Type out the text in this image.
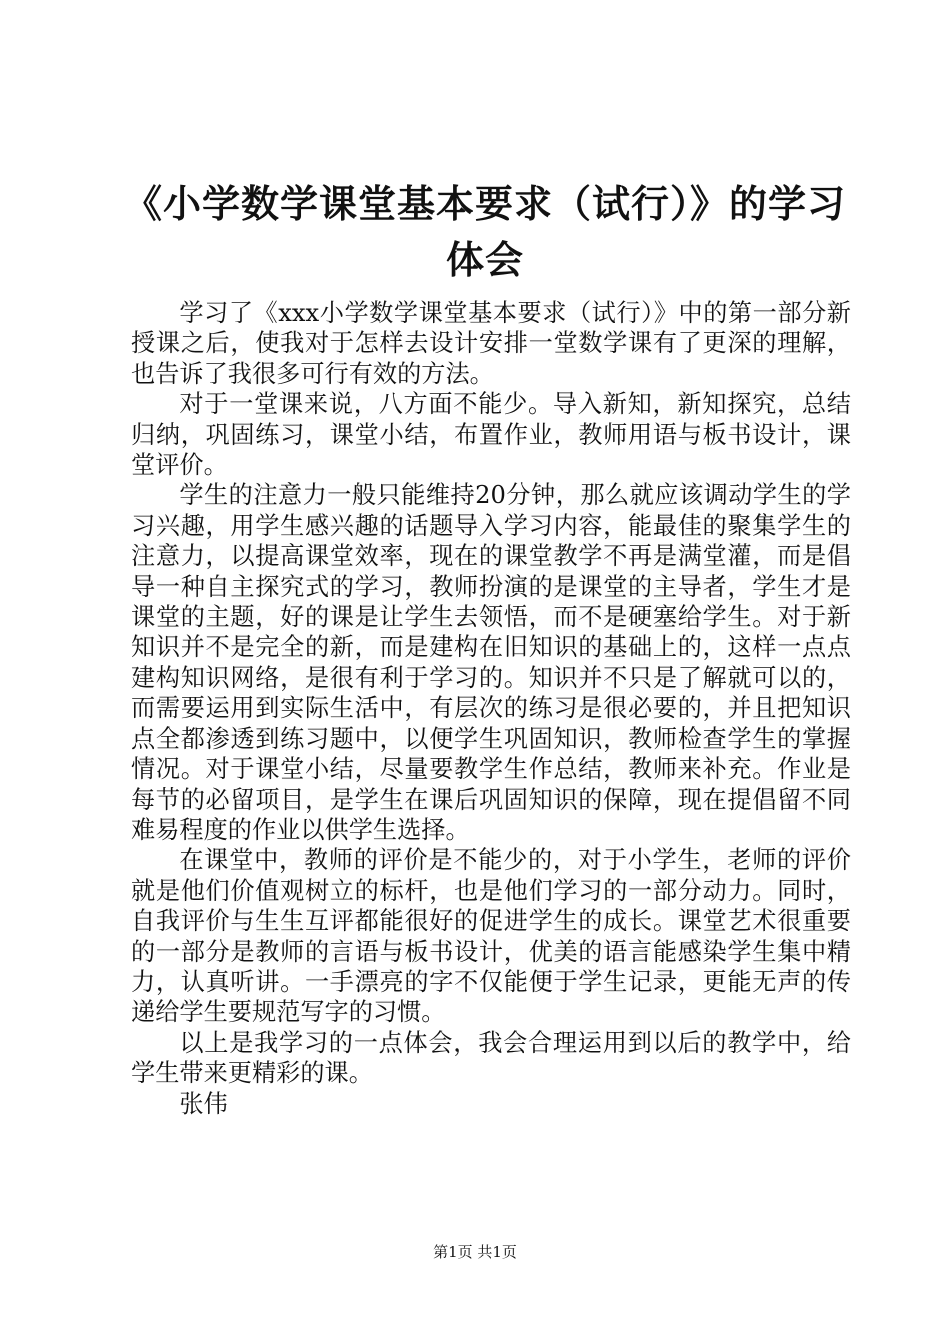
《小学数学课堂基本要求（试行）》的学习体会

学习了《xxx小学数学课堂基本要求（试行）》中的第一部分新授课之后，使我对于怎样去设计安排一堂数学课有了更深的理解，也告诉了我很多可行有效的方法。

对于一堂课来说，八方面不能少。导入新知，新知探究，总结归纳，巩固练习，课堂小结，布置作业，教师用语与板书设计，课堂评价。

学生的注意力一般只能维持20分钟，那么就应该调动学生的学习兴趣，用学生感兴趣的话题导入学习内容，能最佳的聚集学生的注意力，以提高课堂效率，现在的课堂教学不再是满堂灌，而是倡导一种自主探究式的学习，教师扮演的是课堂的主导者，学生才是课堂的主题，好的课是让学生去领悟，而不是硬塞给学生。对于新知识并不是完全的新，而是建构在旧知识的基础上的，这样一点点建构知识网络，是很有利于学习的。知识并不只是了解就可以的，而需要运用到实际生活中，有层次的练习是很必要的，并且把知识点全都渗透到练习题中，以便学生巩固知识，教师检查学生的掌握情况。对于课堂小结，尽量要教学生作总结，教师来补充。作业是每节的必留项目，是学生在课后巩固知识的保障，现在提倡留不同难易程度的作业以供学生选择。

在课堂中，教师的评价是不能少的，对于小学生，老师的评价就是他们价值观树立的标杆，也是他们学习的一部分动力。同时，自我评价与生生互评都能很好的促进学生的成长。课堂艺术很重要的一部分是教师的言语与板书设计，优美的语言能感染学生集中精力，认真听讲。一手漂亮的字不仅能便于学生记录，更能无声的传递给学生要规范写字的习惯。

以上是我学习的一点体会，我会合理运用到以后的教学中，给学生带来更精彩的课。

张伟

第1页 共1页
